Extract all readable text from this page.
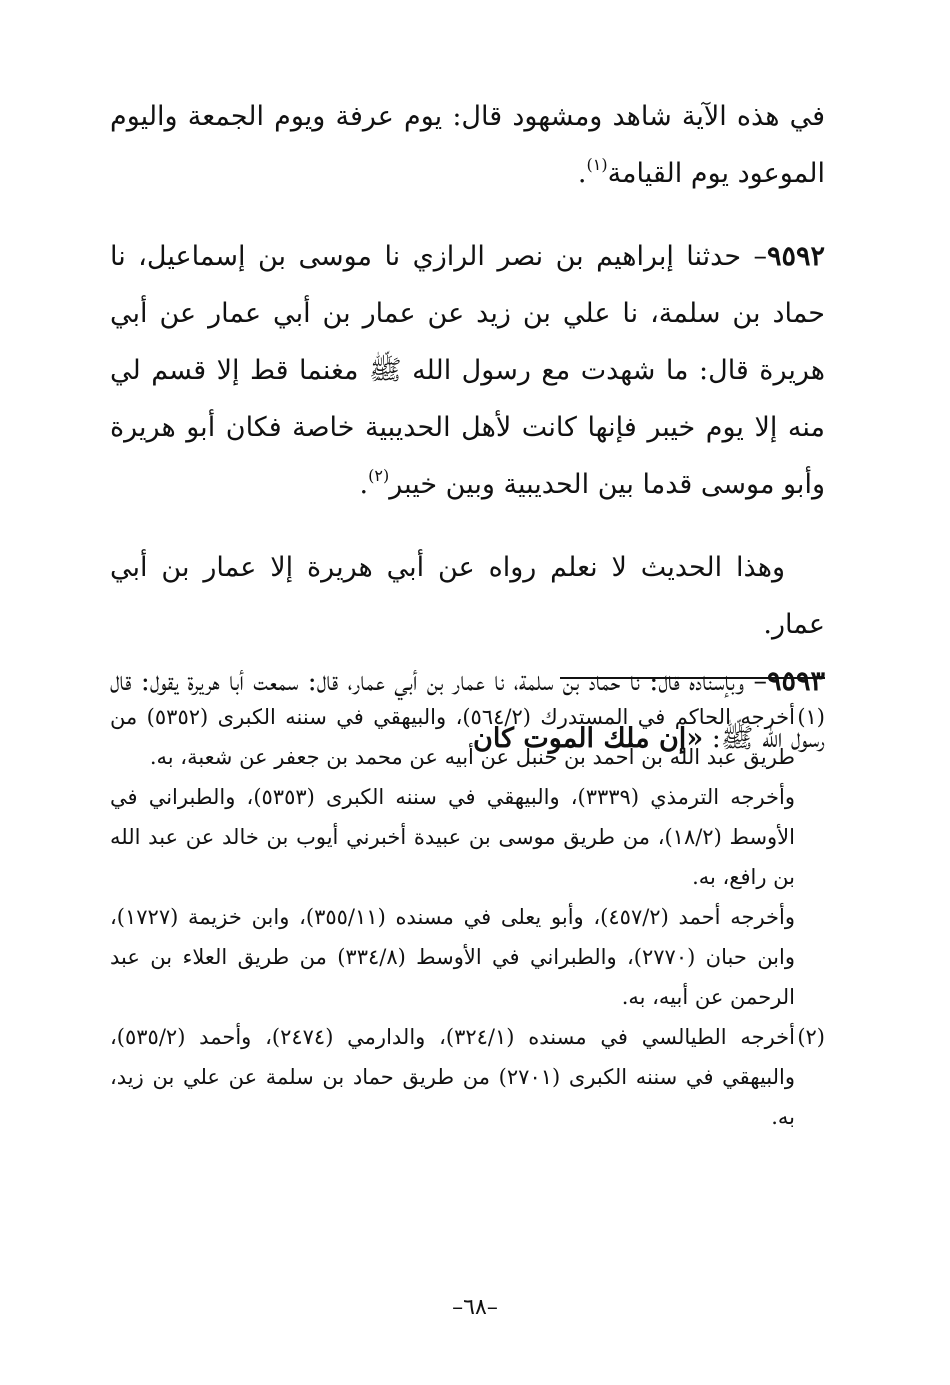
في هذه الآية شاهد ومشهود قال: يوم عرفة ويوم الجمعة واليوم الموعود يوم القيامة$^{(١)}$.

٩٥٩٢– حدثنا إبراهيم بن نصر الرازي نا موسى بن إسماعيل، نا حماد بن سلمة، نا علي بن زيد عن عمار بن أبي عمار عن أبي هريرة قال: ما شهدت مع رسول الله ﷺ مغنما قط إلا قسم لي منه إلا يوم خيبر فإنها كانت لأهل الحديبية خاصة فكان أبو هريرة وأبو موسى قدما بين الحديبية وبين خيبر$^{(٢)}$.

وهذا الحديث لا نعلم رواه عن أبي هريرة إلا عمار بن أبي عمار.

٩٥٩٣– وبإسناده قال: نا حماد بن سلمة، نا عمار بن أبي عمار، قال: سمعت أبا هريرة يقول: قال رسول الله ﷺ: «إن ملك الموت كان

(١)

أخرجه الحاكم في المستدرك (٥٦٤/٢)، والبيهقي في سننه الكبرى (٥٣٥٢) من طريق عبد الله بن أحمد بن حنبل عن أبيه عن محمد بن جعفر عن شعبة، به.

وأخرجه الترمذي (٣٣٣٩)، والبيهقي في سننه الكبرى (٥٣٥٣)، والطبراني في الأوسط (١٨/٢)، من طريق موسى بن عبيدة أخبرني أيوب بن خالد عن عبد الله بن رافع، به.

وأخرجه أحمد (٤٥٧/٢)، وأبو يعلى في مسنده (٣٥٥/١١)، وابن خزيمة (١٧٢٧)، وابن حبان (٢٧٧٠)، والطبراني في الأوسط (٣٣٤/٨) من طريق العلاء بن عبد الرحمن عن أبيه، به.

(٢)

أخرجه الطيالسي في مسنده (٣٢٤/١)، والدارمي (٢٤٧٤)، وأحمد (٥٣٥/٢)، والبيهقي في سننه الكبرى (٢٧٠١) من طريق حماد بن سلمة عن علي بن زيد، به.

–٦٨–
